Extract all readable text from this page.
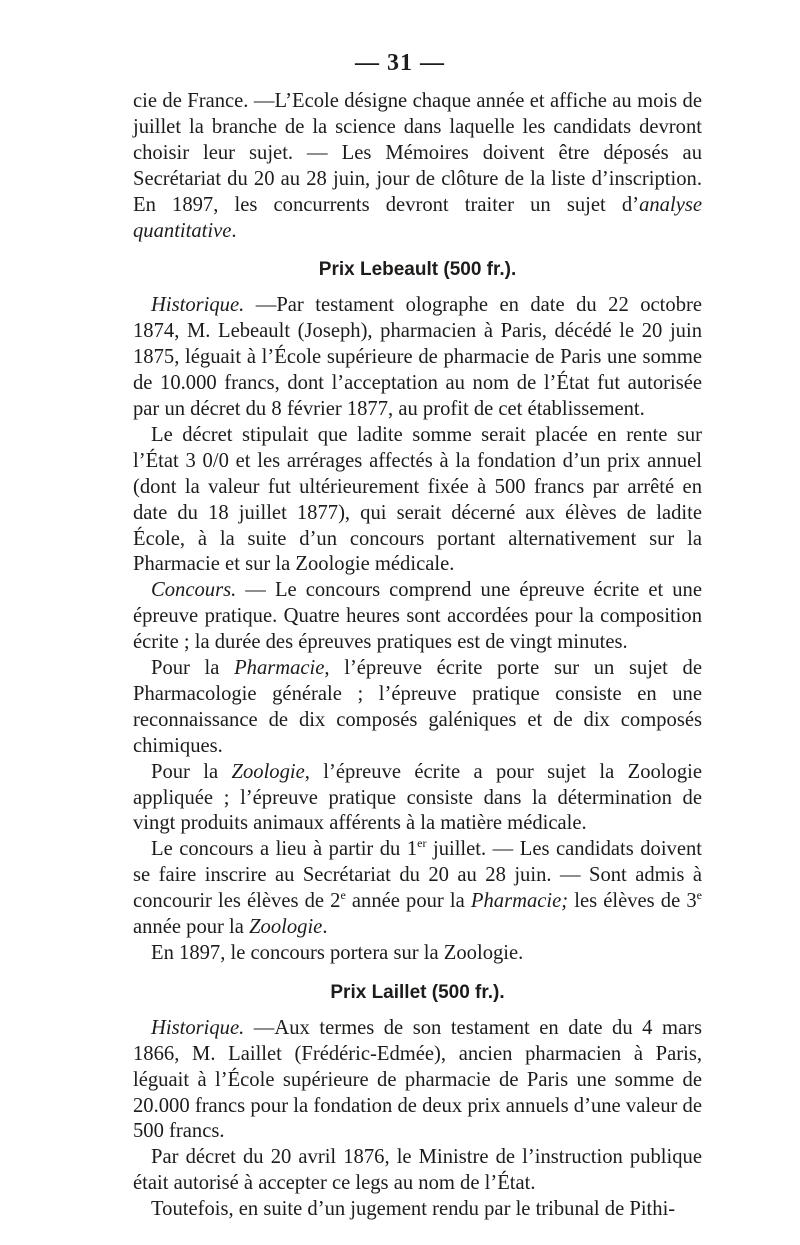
— 31 —

cie de France. —L’Ecole désigne chaque année et affiche au mois de juillet la branche de la science dans laquelle les candidats devront choisir leur sujet. — Les Mémoires doivent être déposés au Secrétariat du 20 au 28 juin, jour de clôture de la liste d’inscription. En 1897, les concurrents devront traiter un sujet d’analyse quantitative.

Prix Lebeault (500 fr.).

Historique. —Par testament olographe en date du 22 octobre 1874, M. Lebeault (Joseph), pharmacien à Paris, décédé le 20 juin 1875, léguait à l’École supérieure de pharmacie de Paris une somme de 10.000 francs, dont l’acceptation au nom de l’État fut autorisée par un décret du 8 février 1877, au profit de cet établissement.

Le décret stipulait que ladite somme serait placée en rente sur l’État 3 0/0 et les arrérages affectés à la fondation d’un prix annuel (dont la valeur fut ultérieurement fixée à 500 francs par arrêté en date du 18 juillet 1877), qui serait décerné aux élèves de ladite École, à la suite d’un concours portant alternativement sur la Pharmacie et sur la Zoologie médicale.

Concours. — Le concours comprend une épreuve écrite et une épreuve pratique. Quatre heures sont accordées pour la composition écrite ; la durée des épreuves pratiques est de vingt minutes.

Pour la Pharmacie, l’épreuve écrite porte sur un sujet de Pharmacologie générale ; l’épreuve pratique consiste en une reconnaissance de dix composés galéniques et de dix composés chimiques.

Pour la Zoologie, l’épreuve écrite a pour sujet la Zoologie appliquée ; l’épreuve pratique consiste dans la détermination de vingt produits animaux afférents à la matière médicale.

Le concours a lieu à partir du 1er juillet. — Les candidats doivent se faire inscrire au Secrétariat du 20 au 28 juin. — Sont admis à concourir les élèves de 2e année pour la Pharmacie; les élèves de 3e année pour la Zoologie.

En 1897, le concours portera sur la Zoologie.

Prix Laillet (500 fr.).

Historique. —Aux termes de son testament en date du 4 mars 1866, M. Laillet (Frédéric-Edmée), ancien pharmacien à Paris, léguait à l’École supérieure de pharmacie de Paris une somme de 20.000 francs pour la fondation de deux prix annuels d’une valeur de 500 francs.

Par décret du 20 avril 1876, le Ministre de l’instruction publique était autorisé à accepter ce legs au nom de l’État.

Toutefois, en suite d’un jugement rendu par le tribunal de Pithi-
